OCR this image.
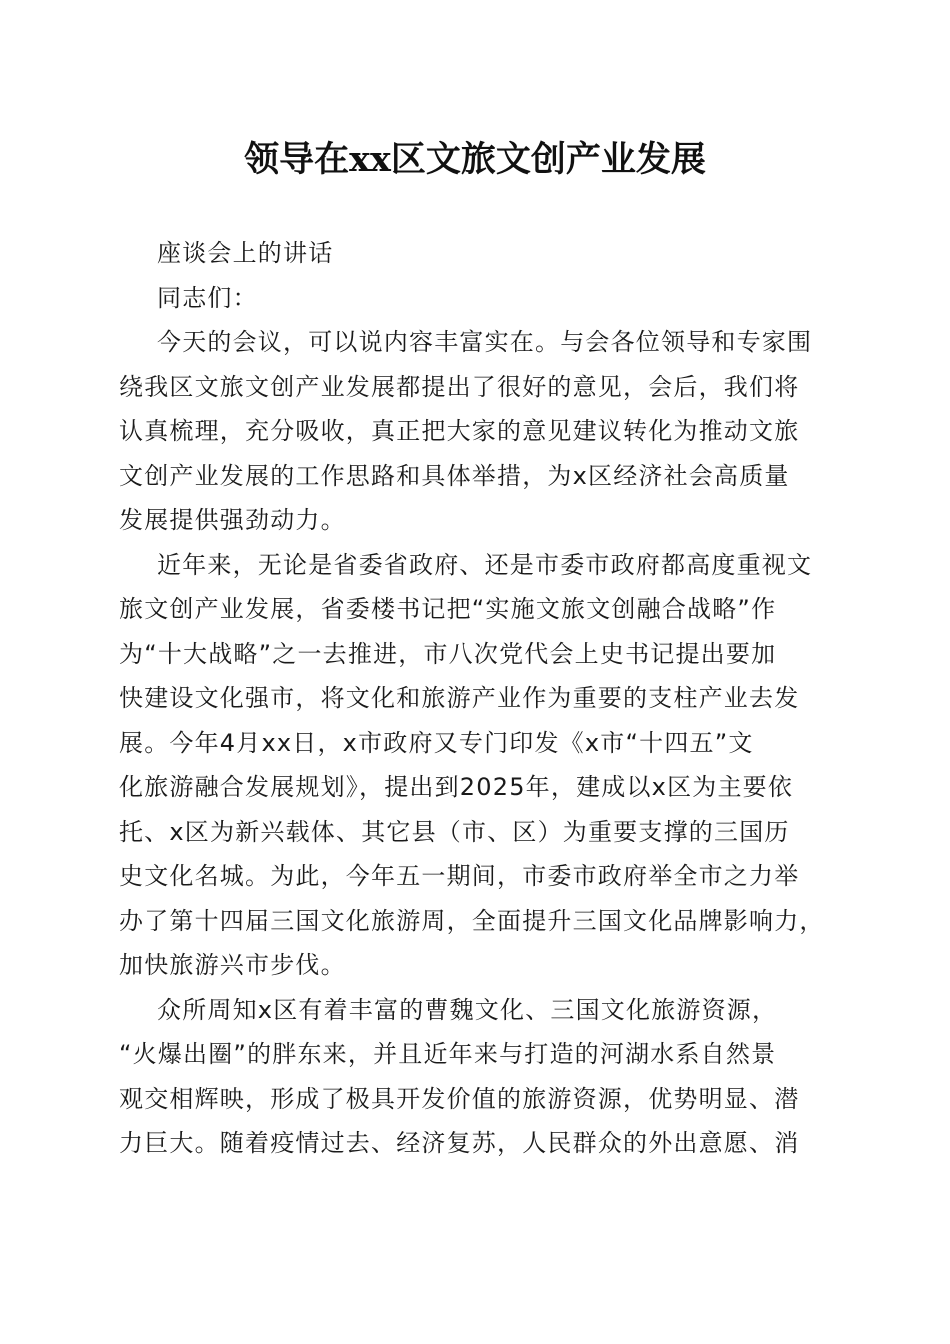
领导在xx区文旅文创产业发展

座谈会上的讲话

同志们：

今天的会议，可以说内容丰富实在。与会各位领导和专家围

绕我区文旅文创产业发展都提出了很好的意见，会后，我们将

认真梳理，充分吸收，真正把大家的意见建议转化为推动文旅

文创产业发展的工作思路和具体举措，为x区经济社会高质量

发展提供强劲动力。

近年来，无论是省委省政府、还是市委市政府都高度重视文

旅文创产业发展，省委楼书记把“实施文旅文创融合战略”作

为“十大战略”之一去推进，市八次党代会上史书记提出要加

快建设文化强市，将文化和旅游产业作为重要的支柱产业去发

展。今年4月xx日，x市政府又专门印发《x市“十四五”文

化旅游融合发展规划》，提出到2025年，建成以x区为主要依

托、x区为新兴载体、其它县（市、区）为重要支撑的三国历

史文化名城。为此，今年五一期间，市委市政府举全市之力举

办了第十四届三国文化旅游周，全面提升三国文化品牌影响力，

加快旅游兴市步伐。

众所周知x区有着丰富的曹魏文化、三国文化旅游资源，

“火爆出圈”的胖东来，并且近年来与打造的河湖水系自然景

观交相辉映，形成了极具开发价值的旅游资源，优势明显、潜

力巨大。随着疫情过去、经济复苏，人民群众的外出意愿、消
